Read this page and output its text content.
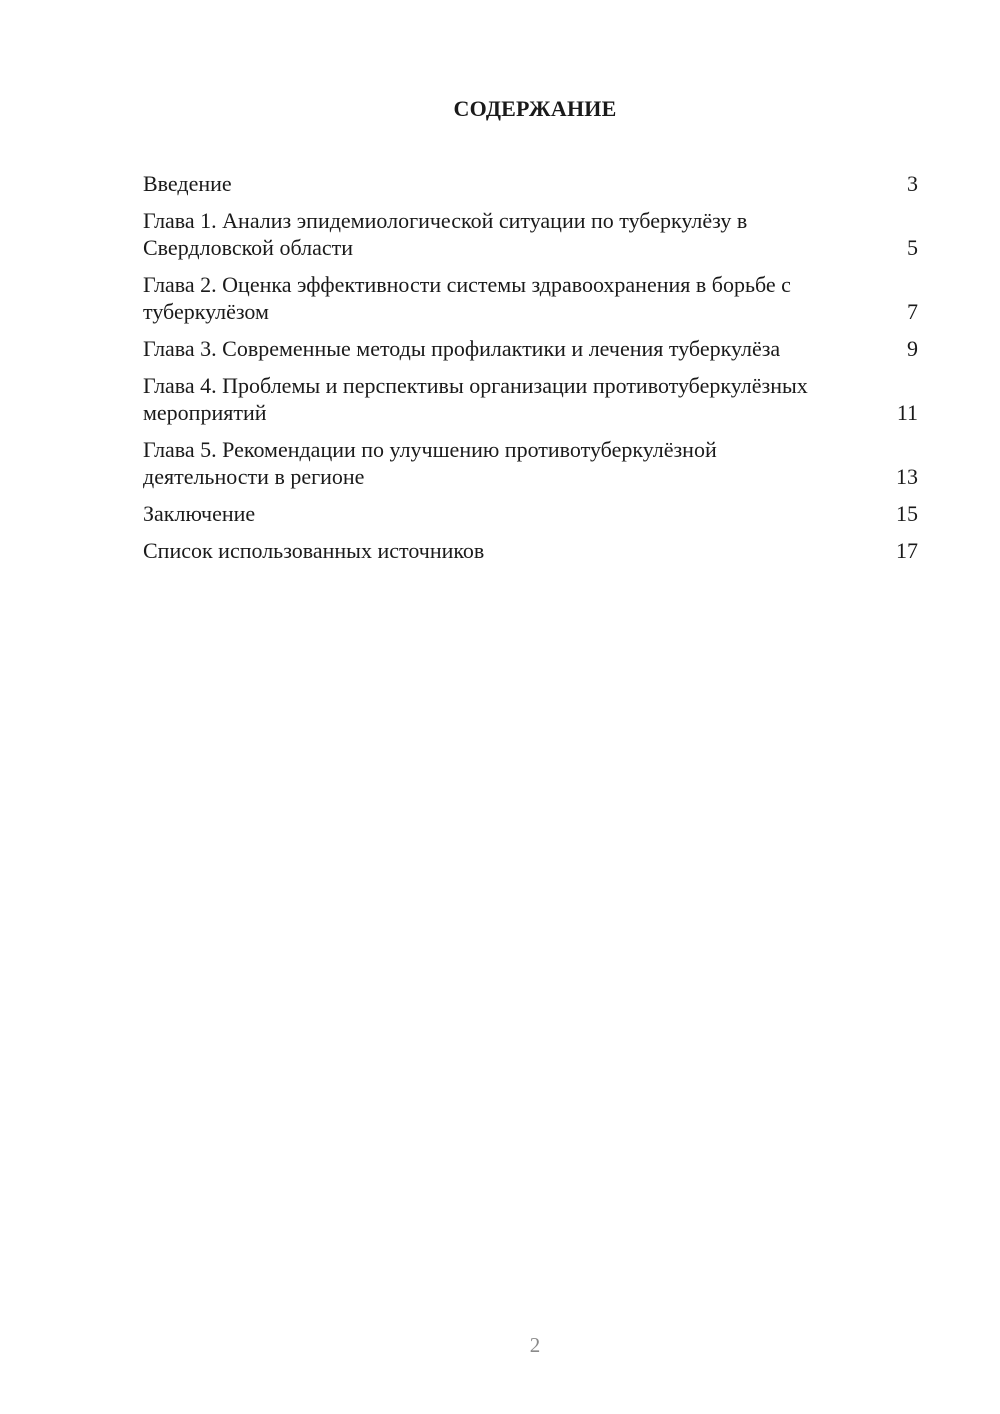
СОДЕРЖАНИЕ
Введение	3
Глава 1. Анализ эпидемиологической ситуации по туберкулёзу в Свердловской области	5
Глава 2. Оценка эффективности системы здравоохранения в борьбе с туберкулёзом	7
Глава 3. Современные методы профилактики и лечения туберкулёза	9
Глава 4. Проблемы и перспективы организации противотуберкулёзных мероприятий	11
Глава 5. Рекомендации по улучшению противотуберкулёзной деятельности в регионе	13
Заключение	15
Список использованных источников	17
2
